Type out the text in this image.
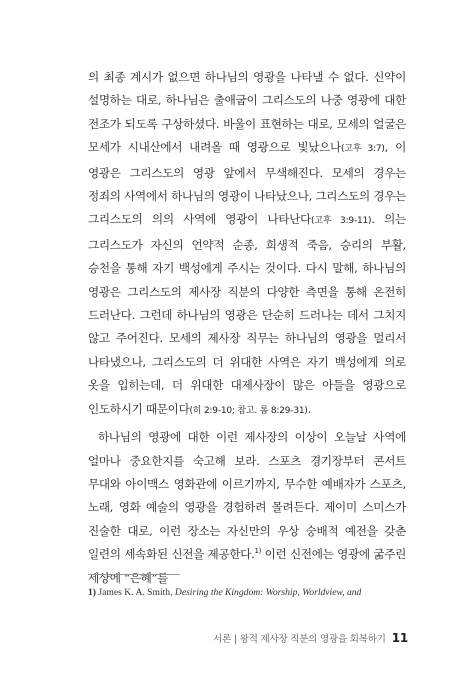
의 최종 계시가 없으면 하나님의 영광을 나타낼 수 없다. 신약이 설명하는 대로, 하나님은 출애굽이 그리스도의 나중 영광에 대한 전조가 되도록 구상하셨다. 바울이 표현하는 대로, 모세의 얼굴은 모세가 시내산에서 내려올 때 영광으로 빛났으나(고후 3:7), 이 영광은 그리스도의 영광 앞에서 무색해진다. 모세의 경우는 정죄의 사역에서 하나님의 영광이 나타났으나, 그리스도의 경우는 그리스도의 의의 사역에 영광이 나타난다(고후 3:9-11). 의는 그리스도가 자신의 언약적 순종, 희생적 죽음, 승리의 부활, 승천을 통해 자기 백성에게 주시는 것이다. 다시 말해, 하나님의 영광은 그리스도의 제사장 직분의 다양한 측면을 통해 온전히 드러난다. 그런데 하나님의 영광은 단순히 드러나는 데서 그치지 않고 주어진다. 모세의 제사장 직무는 하나님의 영광을 멀리서 나타냈으나, 그리스도의 더 위대한 사역은 자기 백성에게 의로 옷을 입히는데, 더 위대한 대제사장이 많은 아들을 영광으로 인도하시기 때문이다(히 2:9-10; 참고. 롬 8:29-31).

하나님의 영광에 대한 이런 제사장의 이상이 오늘날 사역에 얼마나 중요한지를 숙고해 보라. 스포츠 경기장부터 콘서트 무대와 아이맥스 영화관에 이르기까지, 무수한 예배자가 스포츠, 노래, 영화 예술의 영광을 경험하려 몰려든다. 제이미 스미스가 진술한 대로, 이런 장소는 자신만의 우상 숭배적 예전을 갖춘 일련의 세속화된 신전을 제공한다.$^{1)}$ 이런 신전에는 영광에 굶주린 세상에 “은혜”를

1) James K. A. Smith, Desiring the Kingdom: Worship, Worldview, and
서론 | 왕적 제사장 직분의 영광을 회복하기 11
